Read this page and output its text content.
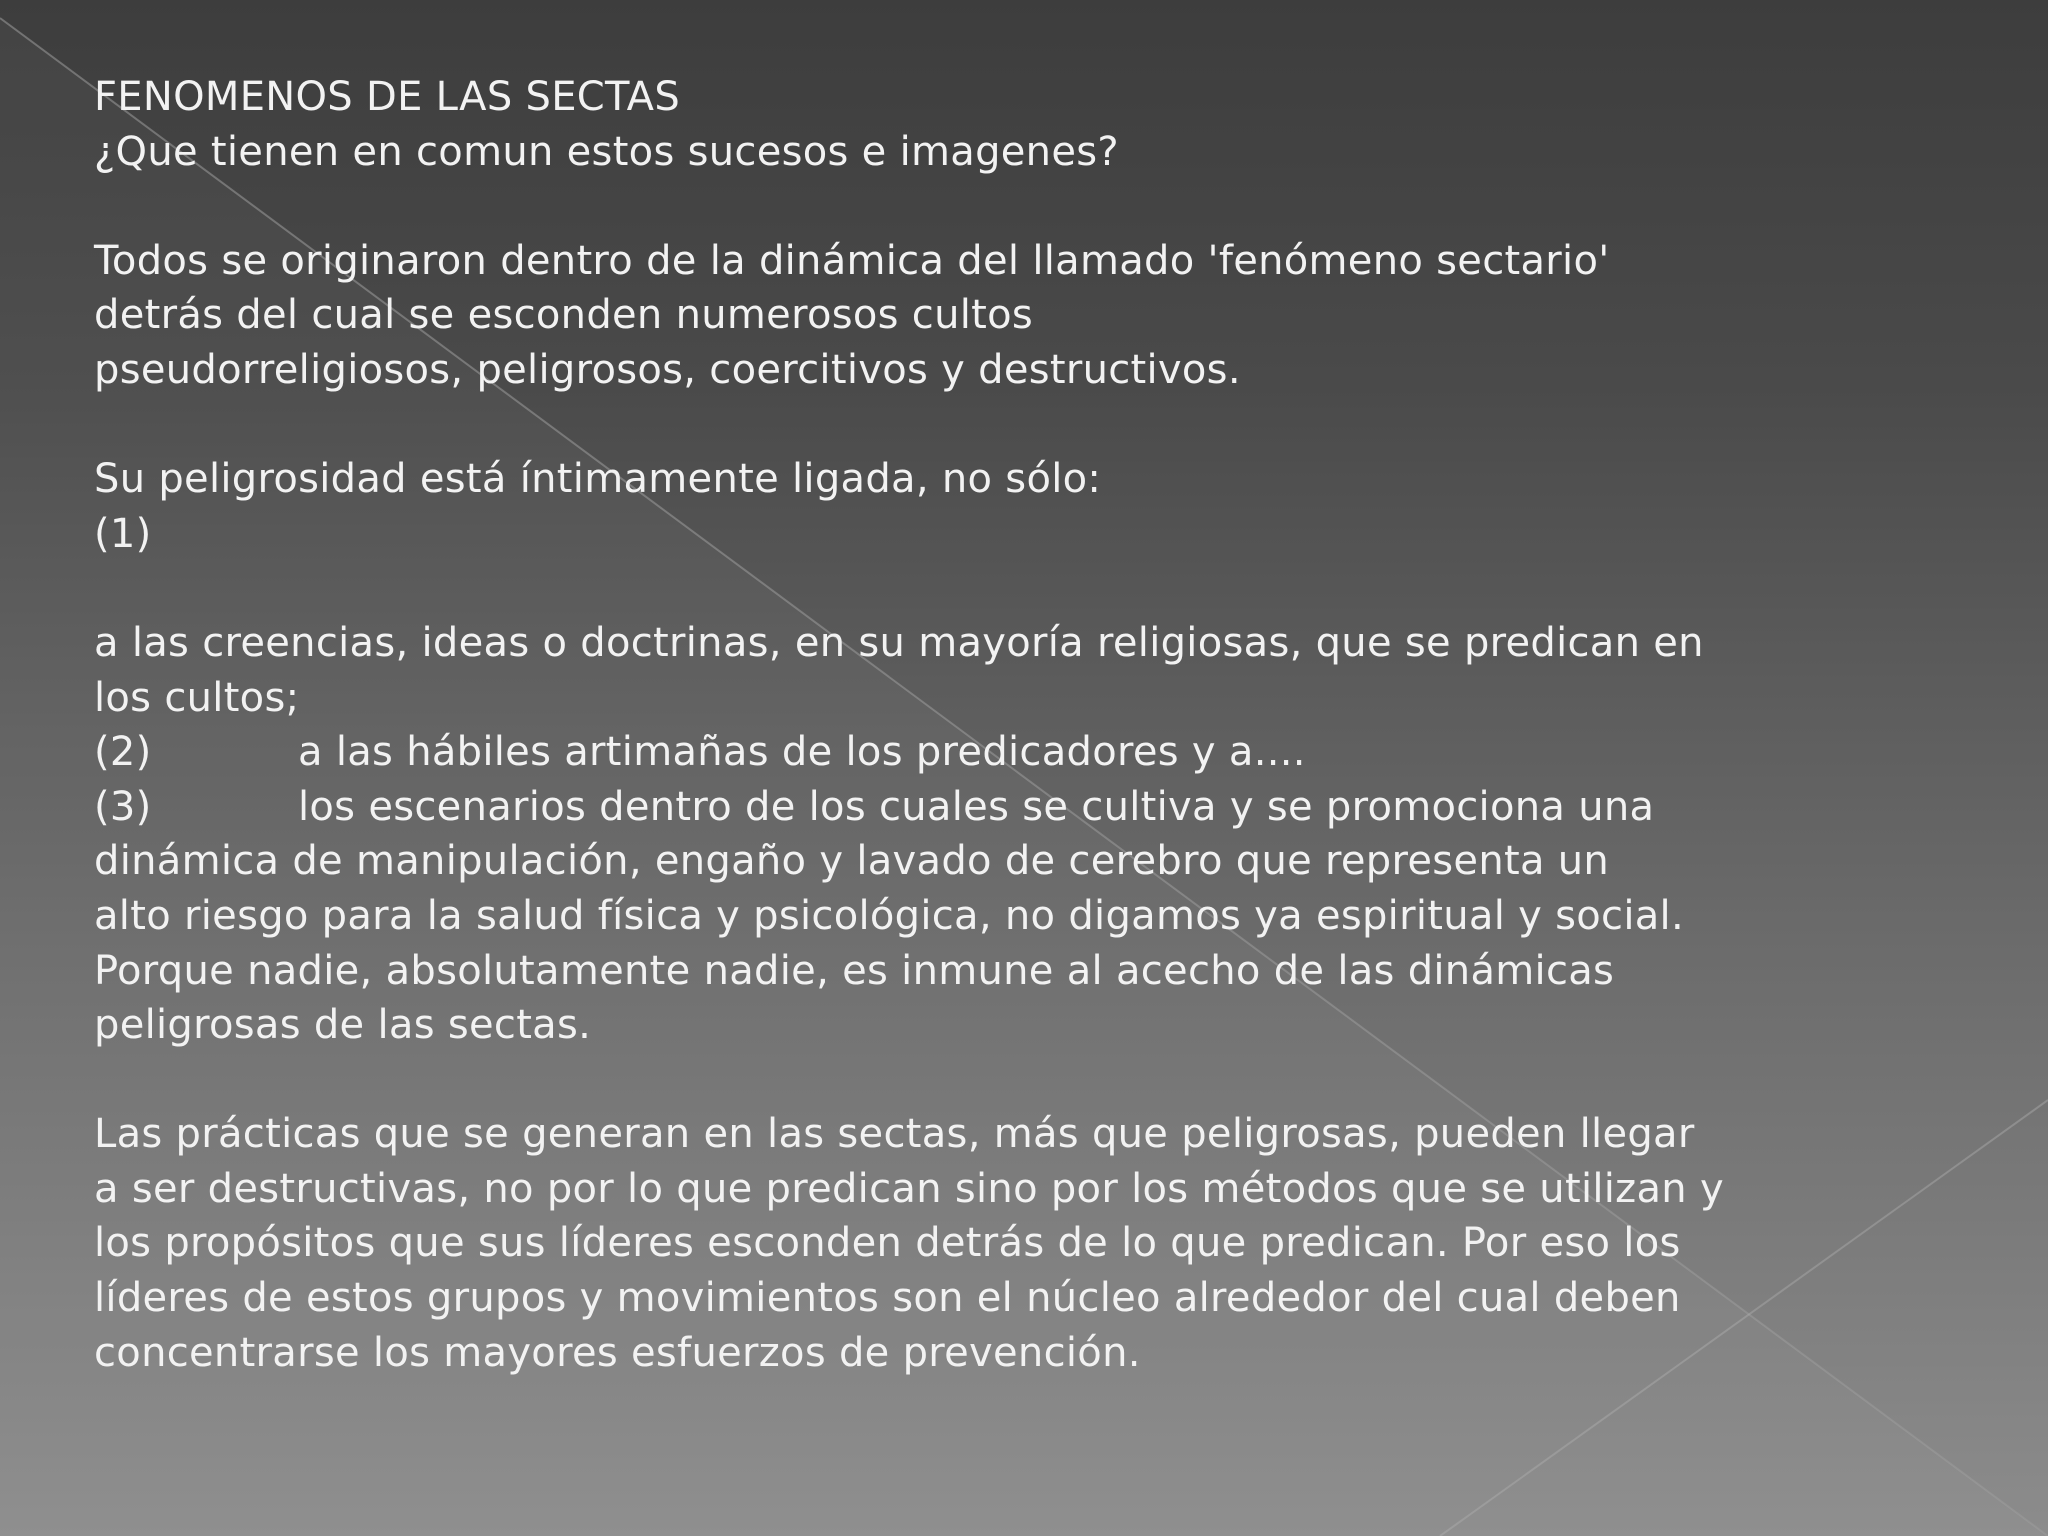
FENOMENOS DE LAS SECTAS

¿Que tienen en comun estos sucesos e imagenes?

Todos se originaron dentro de la dinámica del llamado 'fenómeno sectario'

detrás del cual se esconden numerosos cultos

pseudorreligiosos, peligrosos, coercitivos y destructivos.

Su peligrosidad está íntimamente ligada, no sólo:

(1)

a las creencias, ideas o doctrinas, en su mayoría religiosas, que se predican en

los cultos;

(2)	a las hábiles artimañas de los predicadores y a....

(3)	los escenarios dentro de los cuales se cultiva y se promociona una

dinámica de manipulación, engaño y lavado de cerebro que representa un

alto riesgo para la salud física y psicológica, no digamos ya espiritual y social.

Porque nadie, absolutamente nadie, es inmune al acecho de las dinámicas

peligrosas de las sectas.

Las prácticas que se generan en las sectas, más que peligrosas, pueden llegar

a ser destructivas, no por lo que predican sino por los métodos que se utilizan y

los propósitos que sus líderes esconden detrás de lo que predican. Por eso los

líderes de estos grupos y movimientos son el núcleo alrededor del cual deben

concentrarse los mayores esfuerzos de prevención.
